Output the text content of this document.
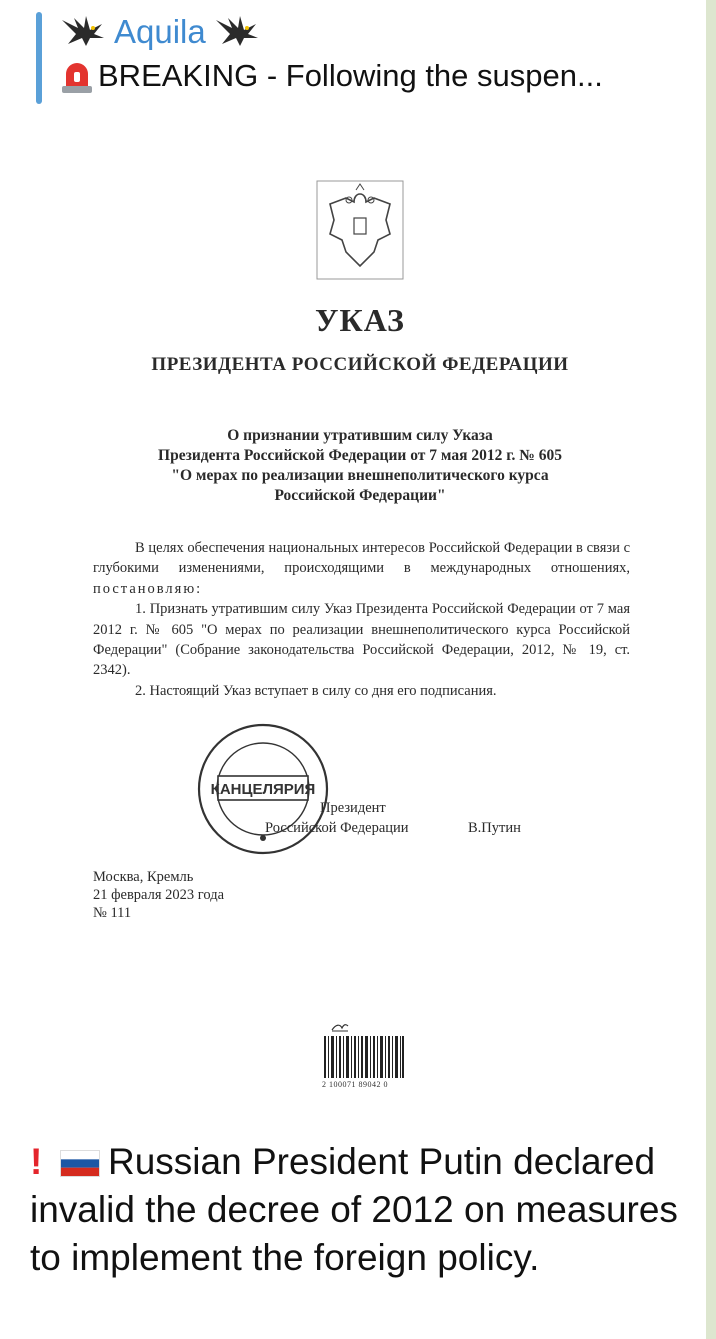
Aquila
BREAKING - Following the suspen...
УКАЗ
ПРЕЗИДЕНТА РОССИЙСКОЙ ФЕДЕРАЦИИ
О признании утратившим силу Указа
Президента Российской Федерации от 7 мая 2012 г. № 605
"О мерах по реализации внешнеполитического курса
Российской Федерации"

В целях обеспечения национальных интересов Российской Федерации в связи с глубокими изменениями, происходящими в международных отношениях, постановляю:

1. Признать утратившим силу Указ Президента Российской Федерации от 7 мая 2012 г. № 605 "О мерах по реализации внешнеполитического курса Российской Федерации" (Собрание законодательства Российской Федерации, 2012, № 19, ст. 2342).

2. Настоящий Указ вступает в силу со дня его подписания.

КАНЦЕЛЯРИЯ
Президент
Российской Федерации	В.Путин
Москва, Кремль
21 февраля 2023 года
№ 111
2 100071 89042 0
! Russian President Putin declared invalid the decree of 2012 on measures to implement the foreign policy.
